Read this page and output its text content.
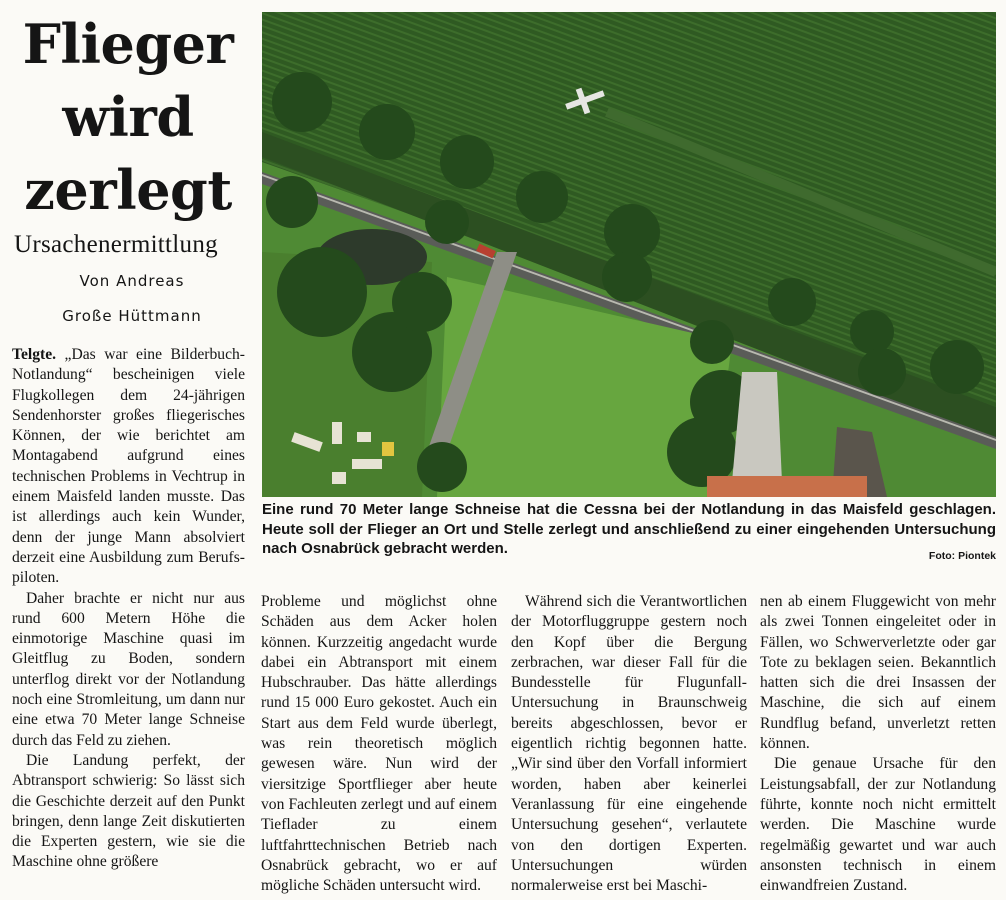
Flieger
wird
zerlegt
Ursachenermittlung
Von Andreas
Große Hüttmann

Telgte. „Das war eine Bilderbuch-Notlandung“ bescheinigen viele Flugkollegen dem 24-jährigen Sendenhorster großes fliegerisches Können, der wie berichtet am Montagabend aufgrund eines technischen Problems in Vechtrup in einem Maisfeld landen musste. Das ist allerdings auch kein Wunder, denn der junge Mann absolviert derzeit eine Ausbildung zum Berufspiloten.

Daher brachte er nicht nur aus rund 600 Metern Höhe die einmotorige Maschine quasi im Gleitflug zu Boden, sondern unterflog direkt vor der Notlandung noch eine Stromleitung, um dann nur eine etwa 70 Meter lange Schneise durch das Feld zu ziehen.

Die Landung perfekt, der Abtransport schwierig: So lässt sich die Geschichte derzeit auf den Punkt bringen, denn lange Zeit diskutierten die Experten gestern, wie sie die Maschine ohne größere

Eine rund 70 Meter lange Schneise hat die Cessna bei der Notlandung in das Maisfeld geschlagen. Heute soll der Flieger an Ort und Stelle zerlegt und anschließend zu einer eingehenden Untersuchung nach Osnabrück gebracht werden.	Foto: Piontek

Probleme und möglichst ohne Schäden aus dem Acker holen können. Kurzzeitig angedacht wurde dabei ein Abtransport mit einem Hubschrauber. Das hätte allerdings rund 15 000 Euro gekostet. Auch ein Start aus dem Feld wurde überlegt, was rein theoretisch möglich gewesen wäre. Nun wird der viersitzige Sportflieger aber heute von Fachleuten zerlegt und auf einem Tieflader zu einem luftfahrttechnischen Betrieb nach Osnabrück gebracht, wo er auf mögliche Schäden untersucht wird.

Während sich die Verantwortlichen der Motorfluggruppe gestern noch den Kopf über die Bergung zerbrachen, war dieser Fall für die Bundesstelle für Flugunfall-Untersuchung in Braunschweig bereits abgeschlossen, bevor er eigentlich richtig begonnen hatte. „Wir sind über den Vorfall informiert worden, haben aber keinerlei Veranlassung für eine eingehende Untersuchung gesehen“, verlautete von den dortigen Experten. Untersuchungen würden normalerweise erst bei Maschi-

nen ab einem Fluggewicht von mehr als zwei Tonnen eingeleitet oder in Fällen, wo Schwerverletzte oder gar Tote zu beklagen seien. Bekanntlich hatten sich die drei Insassen der Maschine, die sich auf einem Rundflug befand, unverletzt retten können.

Die genaue Ursache für den Leistungsabfall, der zur Notlandung führte, konnte noch nicht ermittelt werden. Die Maschine wurde regelmäßig gewartet und war auch ansonsten technisch in einem einwandfreien Zustand.
